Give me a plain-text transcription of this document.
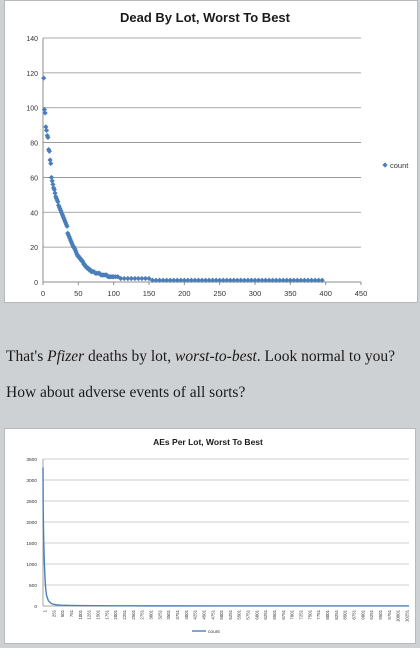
Dead By Lot, Worst To Best
0
20
40
60
80
100
120
140
0	50	100	150	200	250	300	350	400	450
count
That's Pfizer deaths by lot, worst-to-best. Look normal to you?
How about adverse events of all sorts?
AEs Per Lot, Worst To Best
0
500
1000
1500
2000
2500
3000
3500
1 251 501 751 1001 1251 1501 1751 2001 2251 2501 2751 3001 3251 3501 3751 4001 4251 4501 4751 5001 5251 5501 5751 6001 6251 6501 6751 7001 7251 7501 7751 8001 8251 8501 8751 9001 9251 9501 9751 10001 10251
count
